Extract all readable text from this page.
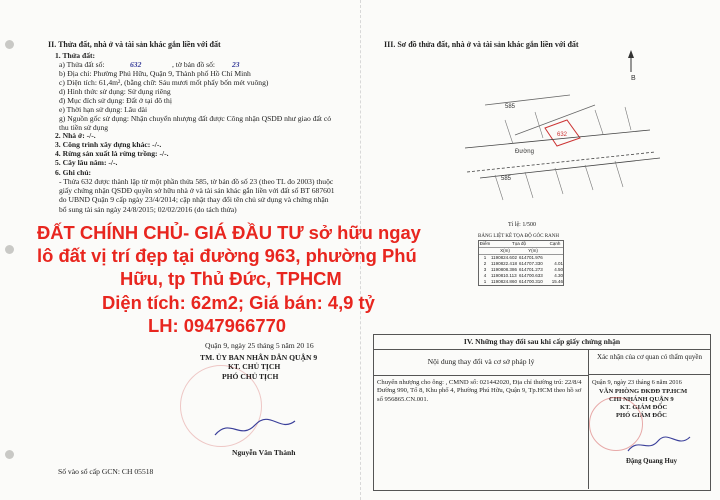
II. Thửa đất, nhà ở và tài sản khác gắn liền với đất
1. Thửa đất:
a) Thửa đất số:	632	, tờ bản đồ số: 23
b) Địa chỉ: Phường Phú Hữu, Quận 9, Thành phố Hồ Chí Minh
c) Diện tích: 61,4m², (bằng chữ: Sáu mươi mốt phẩy bốn mét vuông)
d) Hình thức sử dụng: Sử dụng riêng
đ) Mục đích sử dụng: Đất ở tại đô thị
e) Thời hạn sử dụng: Lâu dài
g) Nguồn gốc sử dụng: Nhận chuyển nhượng đất được Công nhận QSDĐ như giao đất có thu tiền sử dụng
2. Nhà ở: -/-.
3. Công trình xây dựng khác: -/-.
4. Rừng sản xuất là rừng trồng: -/-.
5. Cây lâu năm: -/-.
6. Ghi chú:
- Thửa 632 được thành lập từ một phần thửa 585, tờ bản đồ số 23 (theo TL đo 2003) thuộc giấy chứng nhận QSDĐ quyền sở hữu nhà ở và tài sản khác gắn liền với đất số BT 687601 do UBND Quận 9 cấp ngày 23/4/2014; cập nhật thay đổi tên chủ sử dụng và chứng nhận bổ sung tài sản ngày 24/8/2015; 02/02/2016 (do tách thửa)
Quận 9, ngày 25 tháng 5 năm 20 16
TM. ỦY BAN NHÂN DÂN QUẬN 9
KT. CHỦ TỊCH
PHÓ CHỦ TỊCH
Nguyễn Văn Thành
Số vào sổ cấp GCN: CH 05518
III. Sơ đồ thửa đất, nhà ở và tài sản khác gắn liền với đất
B
585
632
Đường
585
Tỉ lệ: 1/500
BẢNG LIỆT KÊ TỌA ĐỘ GÓC RANH
Điểm	Tọa độ	Cạnh
X(m)	Y(m)
1	1190824.602 614701.976
2	1190822.418 614707.330	4.01
3	1190808.386 614701.273	4.50
4	1190810.113 614700.633	4.30
1	1190824.860 614700.310	15.46
IV. Những thay đổi sau khi cấp giấy chứng nhận
Nội dung thay đổi và cơ sở pháp lý	Xác nhận của cơ quan có thẩm quyền
Chuyển nhượng cho ông: , CMND số: 021442020, Địa chỉ thường trú: 22/8/4 Đường 990, Tổ 8, Khu phố 4, Phường Phú Hữu, Quận 9, Tp.HCM theo hồ sơ số 956865.CN.001.
Quận 9, ngày 23 tháng 6 năm 2016
VĂN PHÒNG ĐKĐĐ TP.HCM
CHI NHÁNH QUẬN 9
KT. GIÁM ĐỐC
PHÓ GIÁM ĐỐC
Đặng Quang Huy
ĐẤT CHÍNH CHỦ- GIÁ ĐẦU TƯ sở hữu ngay
lô đất vị trí đẹp tại đường 963, phường Phú
Hữu, tp Thủ Đức, TPHCM
Diện tích: 62m2; Giá bán: 4,9 tỷ
LH: 0947966770
